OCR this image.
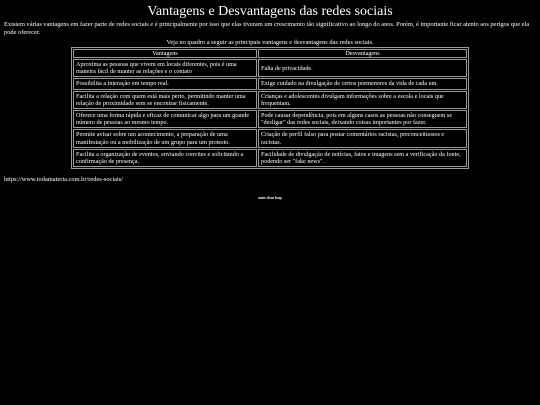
Vantagens e Desvantagens das redes sociais

Existem várias vantagens em fazer parte de redes sociais e é principalmente por isso que elas tiveram um crescimento tão significativo ao longo do anos. Porém, é importante ficar atento aos perigos que ela pode oferecer.

Veja no quadro a seguir as principais vantagens e desvantagens das redes sociais.

Vantagens	Desvantagens
Aproxima as pessoas que vivem em locais diferentes, pois é uma maneira fácil de manter as relações e o contato	Falta de privacidade.
Possibilita a interação em tempo real.	Exige cuidado na divulgação de certos pormenores da vida de cada um.
Facilita a relação com quem está mais perto, permitindo manter uma relação de proximidade sem se encontrar fisicamente.	Crianças e adolescentes divulgam informações sobre a escola e locais que frequentam.
Oferece uma forma rápida e eficaz de comunicar algo para um grande número de pessoas ao mesmo tempo.	Pode causar dependência, pois em alguns casos as pessoas não conseguem se "desligar" das redes sociais, deixando coisas importantes por fazer.
Permite avisar sobre um acontecimento, a preparação de uma manifestação ou a mobilização de um grupo para um protesto.	Criação de perfil falso para postar comentários racistas, preconceituosos e racistas.
Facilita a organização de eventos, enviando convites e solicitando a confirmação de presença.	Facilidade de divulgação de notícias, fatos e imagens sem a verificação da fonte, podendo ser "fake news".

https://www.todamateria.com.br/redes-sociais/

none clear loop
